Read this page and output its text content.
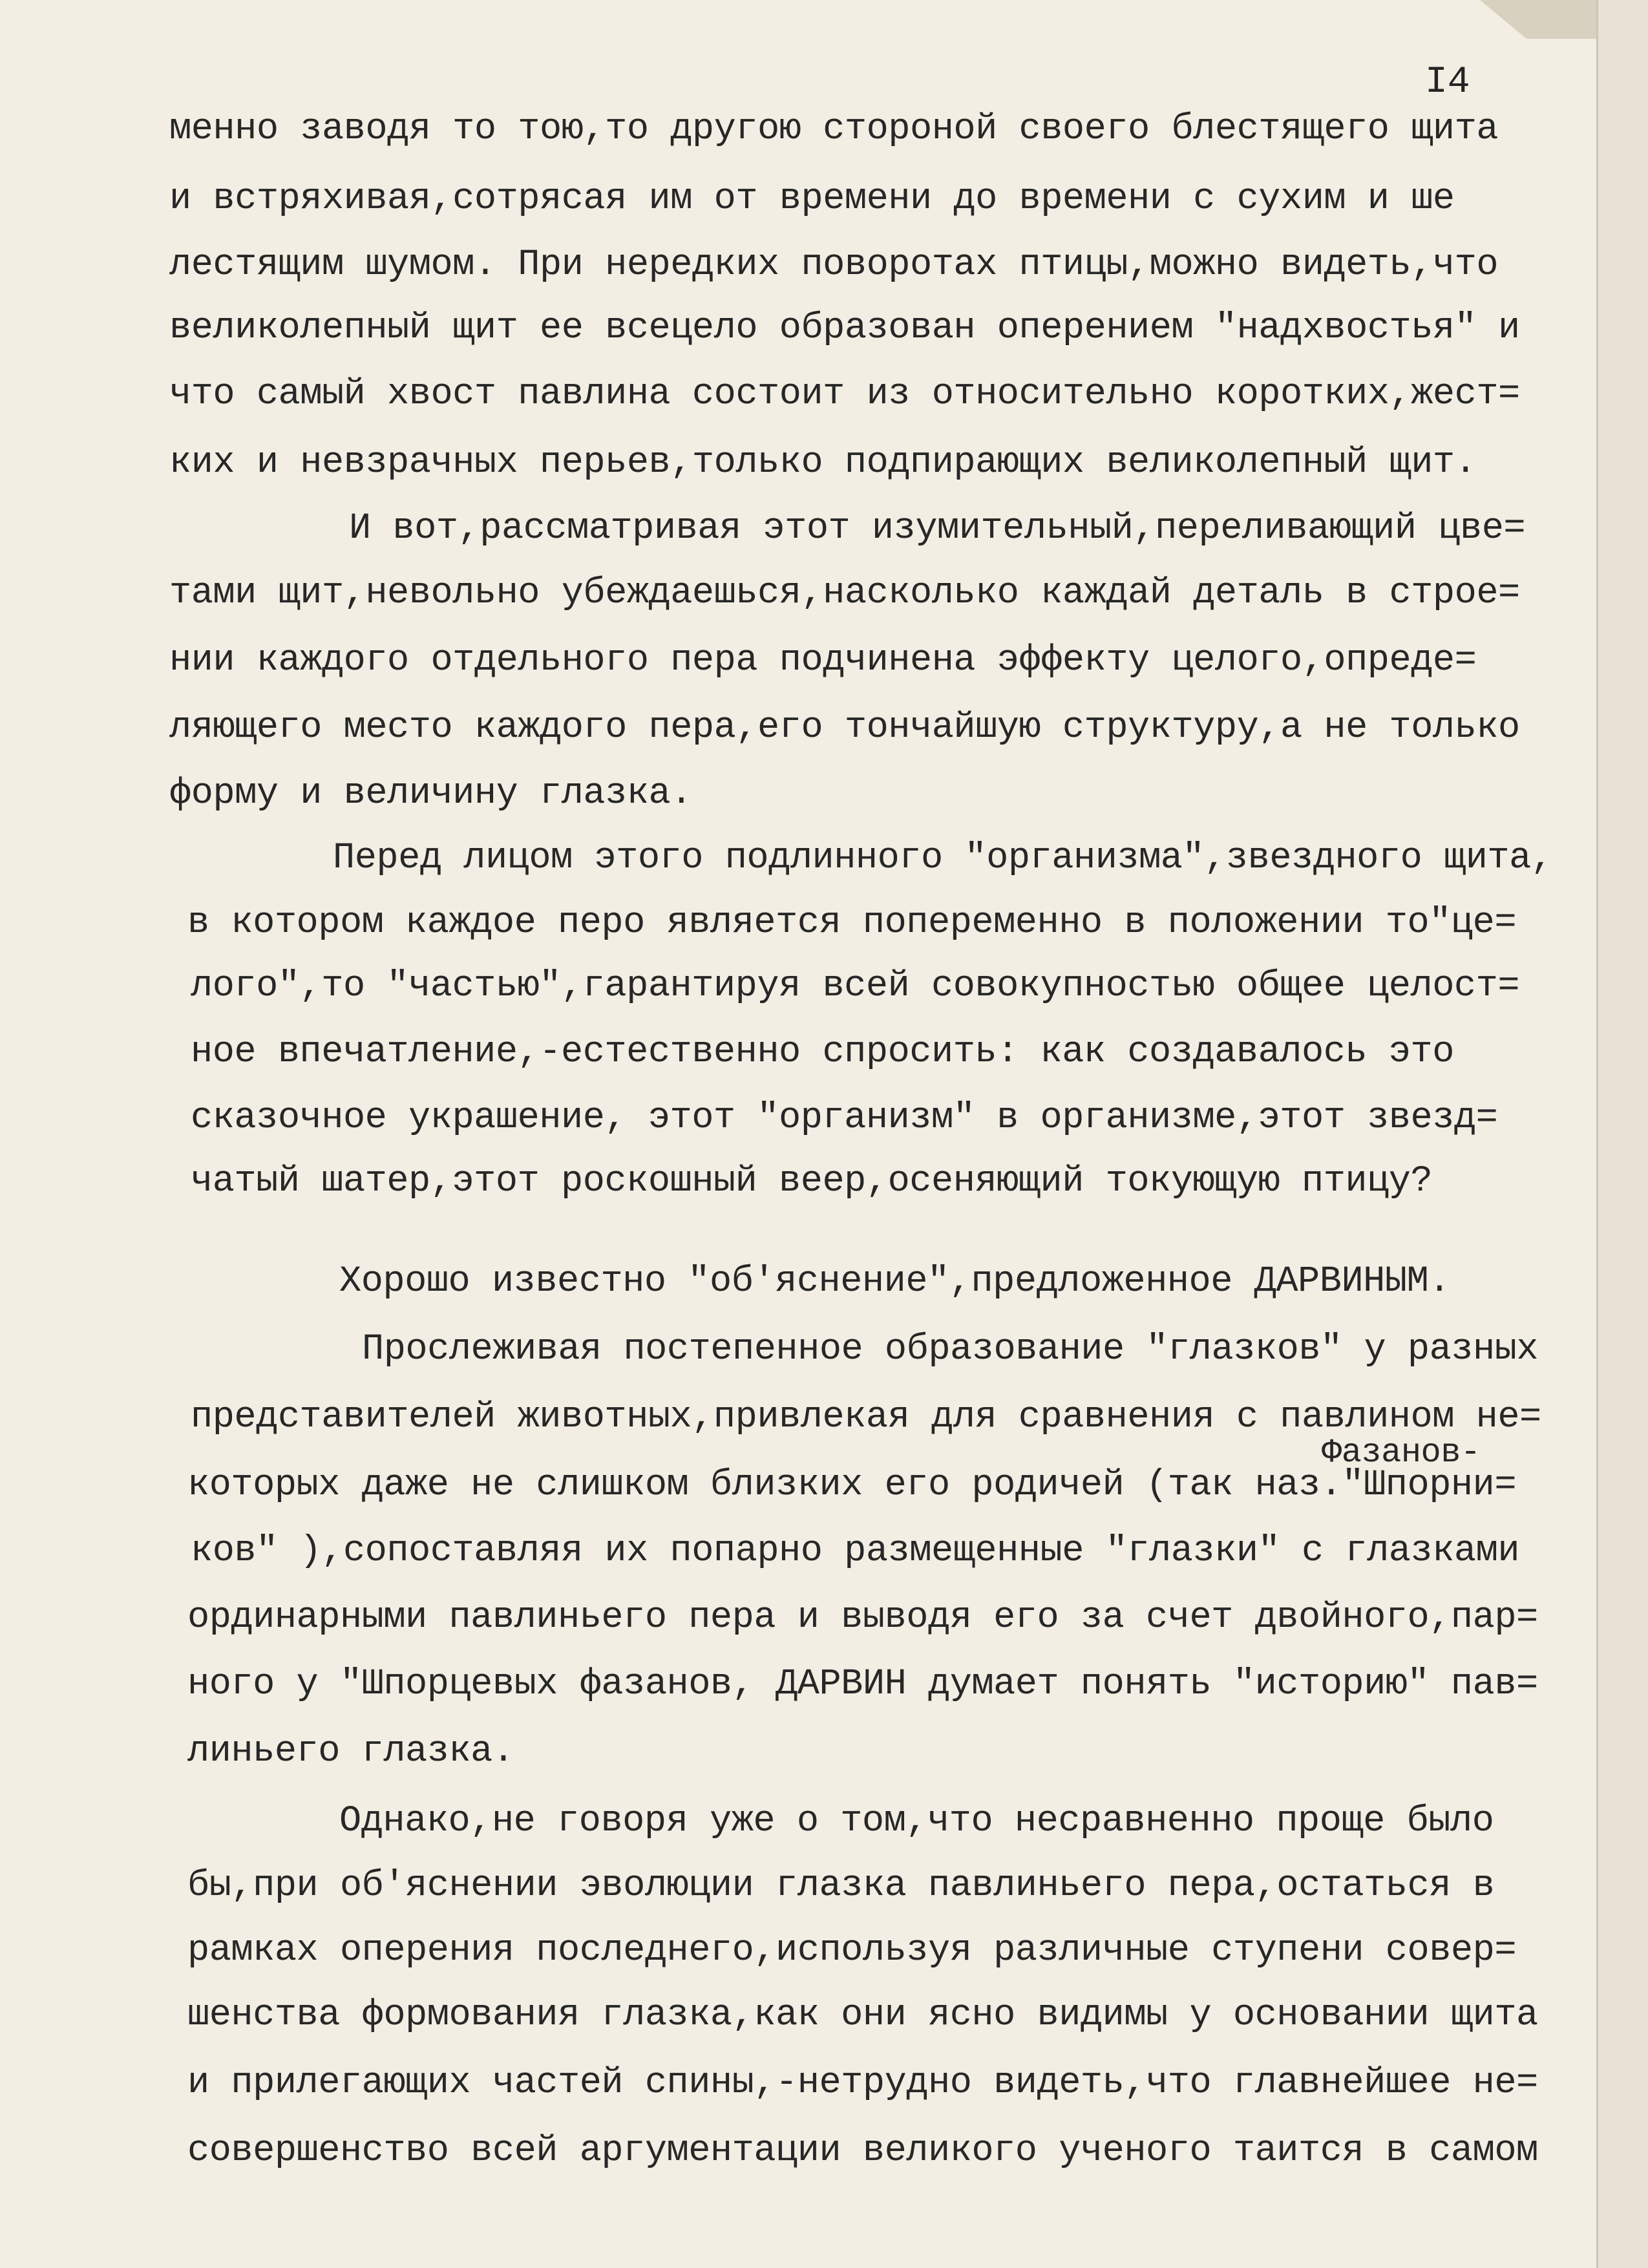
I4

менно заводя то тою,то другою стороной своего блестящего щита

и встряхивая,сотрясая им от времени до времени с сухим и ше

лестящим шумом. При нередких поворотах птицы,можно видеть,что

великолепный щит ее всецело образован оперением "надхвостья" и

что самый хвост павлина состоит из относительно коротких,жест=

ких и невзрачных перьев,только подпирающих великолепный щит.

И вот,рассматривая этот изумительный,переливающий цве=

тами щит,невольно убеждаешься,насколько каждай деталь в строе=

нии каждого отдельного пера подчинена эффекту целого,опреде=

ляющего место каждого пера,его тончайшую структуру,а не только

форму и величину глазка.

Перед лицом этого подлинного "организма",звездного щита,

в котором каждое перо является попеременно в положении то"це=

лого",то "частью",гарантируя всей совокупностью общее целост=

ное впечатление,-естественно спросить: как создавалось это

сказочное украшение, этот "организм" в организме,этот звезд=

чатый шатер,этот роскошный веер,осеняющий токующую птицу?

Хорошо известно "об'яснение",предложенное ДАРВИНЫМ.

Прослеживая постепенное образование "глазков" у разных

представителей животных,привлекая для сравнения с павлином не=

Фазанов-

которых даже не слишком близких его родичей (так наз."Шпорни=

ков" ),сопоставляя их попарно размещенные "глазки" с глазками

ординарными павлиньего пера и выводя его за счет двойного,пар=

ного у "Шпорцевых фазанов, ДАРВИН думает понять "историю" пав=

линьего глазка.

Однако,не говоря уже о том,что несравненно проще было

бы,при об'яснении эволюции глазка павлиньего пера,остаться в

рамках оперения последнего,используя различные ступени совер=

шенства формования глазка,как они ясно видимы у основании щита

и прилегающих частей спины,-нетрудно видеть,что главнейшее не=

совершенство всей аргументации великого ученого таится в самом
